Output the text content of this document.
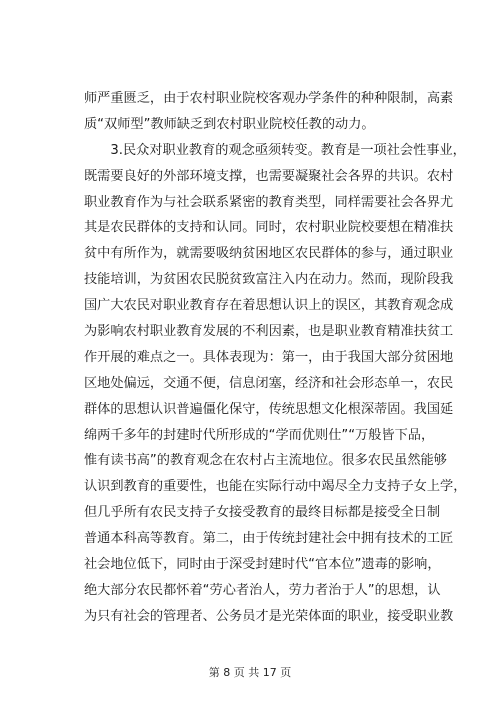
师严重匮乏，由于农村职业院校客观办学条件的种种限制，高素
质“双师型”教师缺乏到农村职业院校任教的动力。
　　3.民众对职业教育的观念亟须转变。教育是一项社会性事业，
既需要良好的外部环境支撑，也需要凝聚社会各界的共识。农村
职业教育作为与社会联系紧密的教育类型，同样需要社会各界尤
其是农民群体的支持和认同。同时，农村职业院校要想在精准扶
贫中有所作为，就需要吸纳贫困地区农民群体的参与，通过职业
技能培训，为贫困农民脱贫致富注入内在动力。然而，现阶段我
国广大农民对职业教育存在着思想认识上的误区，其教育观念成
为影响农村职业教育发展的不利因素，也是职业教育精准扶贫工
作开展的难点之一。具体表现为：第一，由于我国大部分贫困地
区地处偏远，交通不便，信息闭塞，经济和社会形态单一，农民
群体的思想认识普遍僵化保守，传统思想文化根深蒂固。我国延
绵两千多年的封建时代所形成的“学而优则仕”“万般皆下品，
惟有读书高”的教育观念在农村占主流地位。很多农民虽然能够
认识到教育的重要性，也能在实际行动中竭尽全力支持子女上学，
但几乎所有农民支持子女接受教育的最终目标都是接受全日制
普通本科高等教育。第二，由于传统封建社会中拥有技术的工匠
社会地位低下，同时由于深受封建时代“官本位”遗毒的影响，
绝大部分农民都怀着“劳心者治人，劳力者治于人”的思想，认
为只有社会的管理者、公务员才是光荣体面的职业，接受职业教
第 8 页 共 17 页
